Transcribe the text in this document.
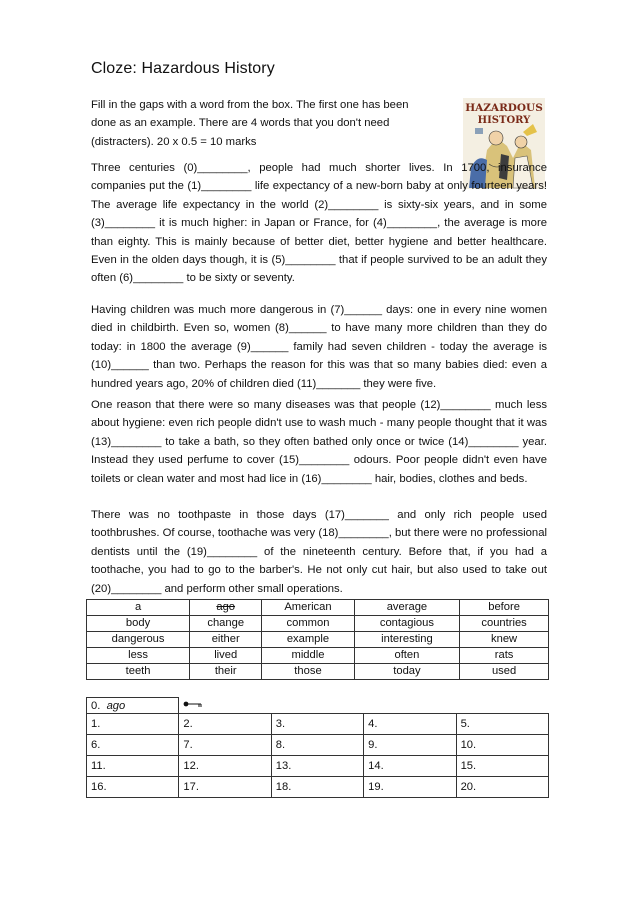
Cloze: Hazardous History

Fill in the gaps with a word from the box. The first one has been done as an example. There are 4 words that you don't need (distracters). 20 x 0.5 = 10 marks

HAZARDOUS
HISTORY

Three centuries (0)________, people had much shorter lives. In 1700, insurance companies put the (1)________ life expectancy of a new-born baby at only fourteen years! The average life expectancy in the world (2)________ is sixty-six years, and in some (3)________ it is much higher: in Japan or France, for (4)________, the average is more than eighty. This is mainly because of better diet, better hygiene and better healthcare. Even in the olden days though, it is (5)________ that if people survived to be an adult they often (6)________ to be sixty or seventy.

Having children was much more dangerous in (7)______ days: one in every nine women died in childbirth. Even so, women (8)______ to have many more children than they do today: in 1800 the average (9)______ family had seven children - today the average is (10)______ than two. Perhaps the reason for this was that so many babies died: even a hundred years ago, 20% of children died (11)_______ they were five.

One reason that there were so many diseases was that people (12)________ much less about hygiene: even rich people didn't use to wash much - many people thought that it was (13)________ to take a bath, so they often bathed only once or twice (14)________ year. Instead they used perfume to cover (15)________ odours. Poor people didn't even have toilets or clean water and most had lice in (16)________ hair, bodies, clothes and beds.

There was no toothpaste in those days (17)_______ and only rich people used toothbrushes. Of course, toothache was very (18)________, but there were no professional dentists until the (19)________ of the nineteenth century. Before that, if you had a toothache, you had to go to the barber's. He not only cut hair, but also used to take out (20)________ and perform other small operations.

a	ago	American	average	before
body	change	common	contagious	countries
dangerous	either	example	interesting	knew
less	lived	middle	often	rats
teeth	their	those	today	used
0. ago				
1.	2.	3.	4.	5.
6.	7.	8.	9.	10.
11.	12.	13.	14.	15.
16.	17.	18.	19.	20.
